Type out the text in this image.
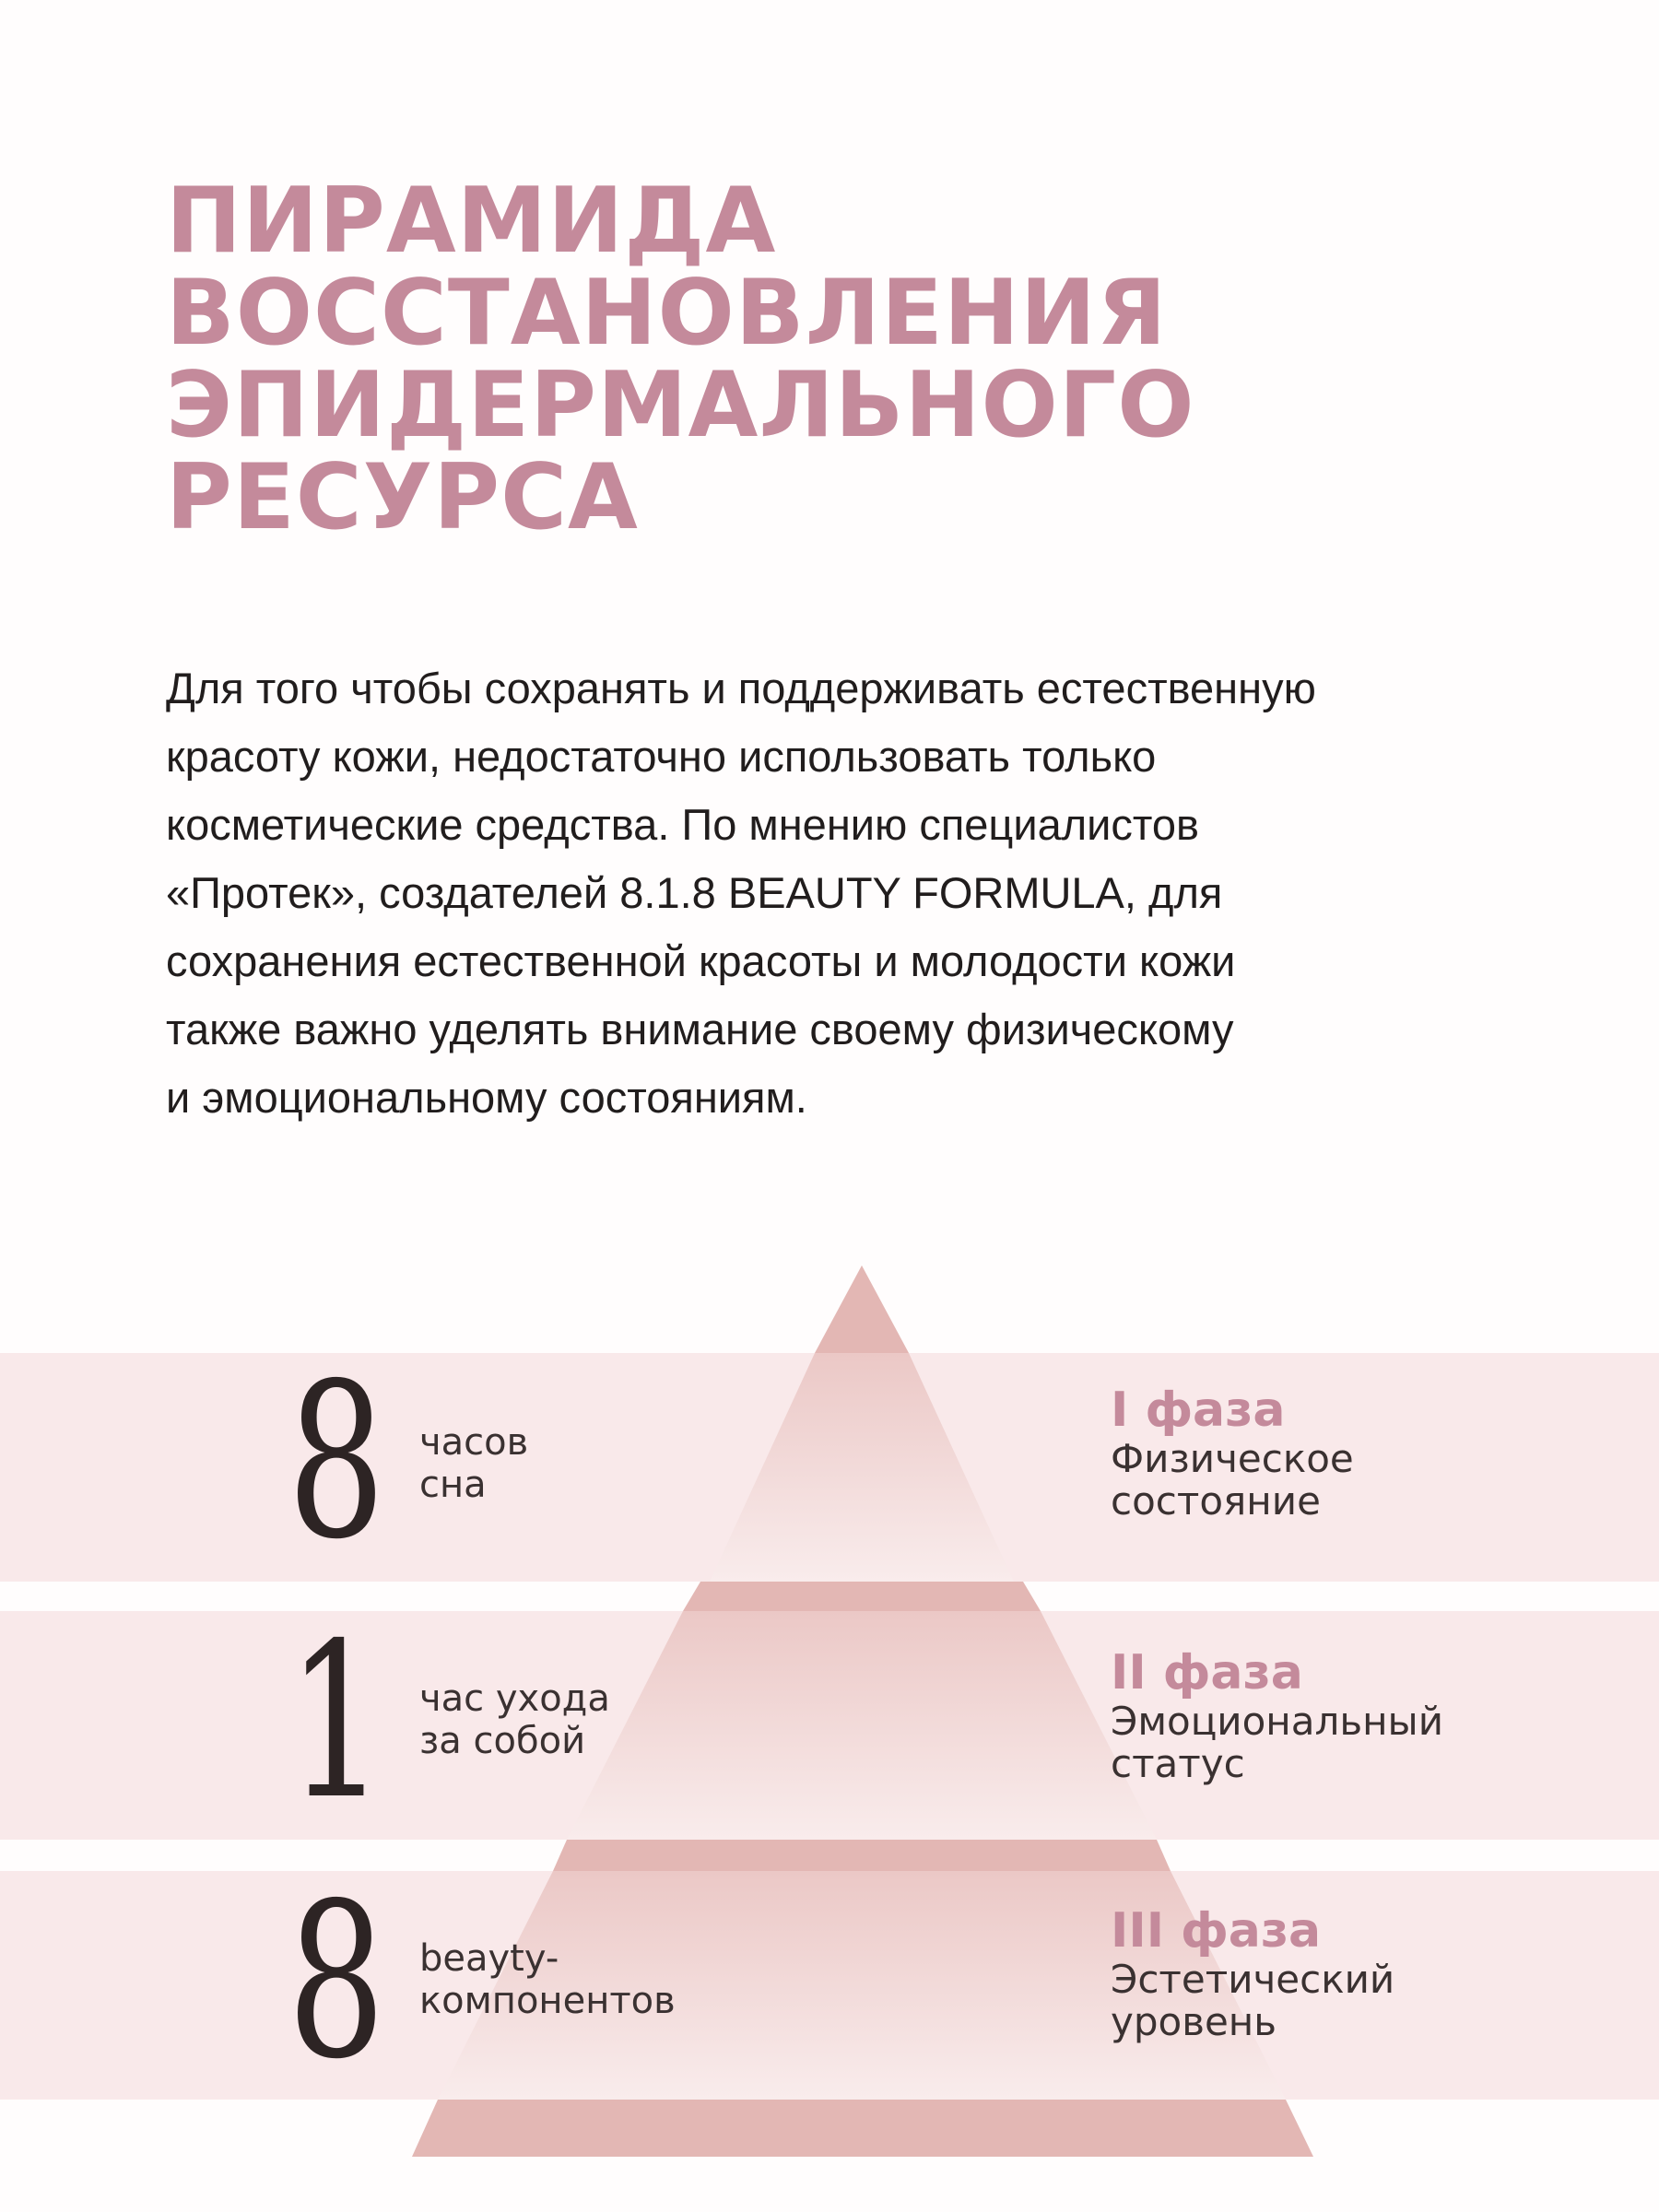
ПИРАМИДА
ВОССТАНОВЛЕНИЯ
ЭПИДЕРМАЛЬНОГО
РЕСУРСА

Для того чтобы сохранять и поддерживать естественную
красоту кожи, недостаточно использовать только
косметические средства. По мнению специалистов
«Протек», создателей 8.1.8 BEAUTY FORMULA, для
сохранения естественной красоты и молодости кожи
также важно уделять внимание своему физическому
и эмоциональному состояниям.

8 часов
сна
I фаза
Физическое
состояние
1 час ухода
за собой
II фаза
Эмоциональный
статус
8 beayty-
компонентов
III фаза
Эстетический
уровень
